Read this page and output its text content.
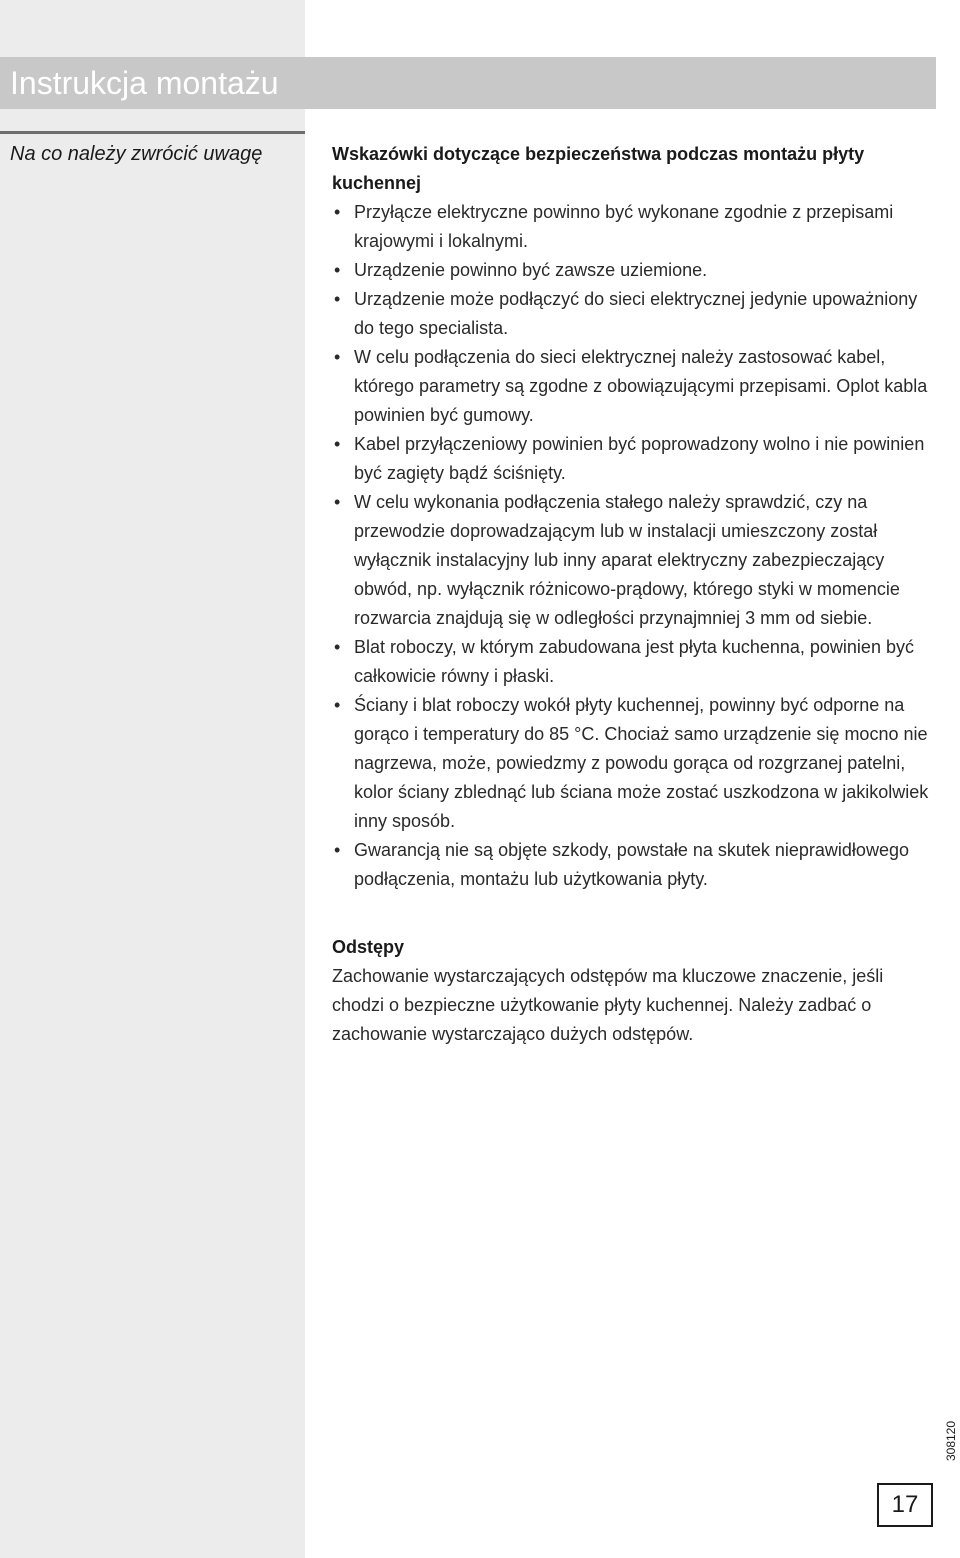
Instrukcja montażu
Na co należy zwrócić uwagę	Wskazówki dotyczące bezpieczeństwa podczas montażu płyty kuchennej
• Przyłącze elektryczne powinno być wykonane zgodnie z przepisami krajowymi i lokalnymi.
• Urządzenie powinno być zawsze uziemione.
• Urządzenie może podłączyć do sieci elektrycznej jedynie upoważniony do tego specialista.
• W celu podłączenia do sieci elektrycznej należy zastosować kabel, którego parametry są zgodne z obowiązującymi przepisami. Oplot kabla powinien być gumowy.
• Kabel przyłączeniowy powinien być poprowadzony wolno i nie powinien być zagięty bądź ściśnięty.
• W celu wykonania podłączenia stałego należy sprawdzić, czy na przewodzie doprowadzającym lub w instalacji umieszczony został wyłącznik instalacyjny lub inny aparat elektryczny zabezpieczający obwód, np. wyłącznik różnicowo-prądowy, którego styki w momencie rozwarcia znajdują się w odległości przynajmniej 3 mm od siebie.
• Blat roboczy, w którym zabudowana jest płyta kuchenna, powinien być całkowicie równy i płaski.
• Ściany i blat roboczy wokół płyty kuchennej, powinny być odporne na gorąco i temperatury do 85 °C. Chociaż samo urządzenie się mocno nie nagrzewa, może, powiedzmy z powodu gorąca od rozgrzanej patelni, kolor ściany zblednąć lub ściana może zostać uszkodzona w jakikolwiek inny sposób.
• Gwarancją nie są objęte szkody, powstałe na skutek nieprawidłowego podłączenia, montażu lub użytkowania płyty.
Odstępy

Zachowanie wystarczających odstępów ma kluczowe znaczenie, jeśli chodzi o bezpieczne użytkowanie płyty kuchennej. Należy zadbać o zachowanie wystarczająco dużych odstępów.

308120
17
